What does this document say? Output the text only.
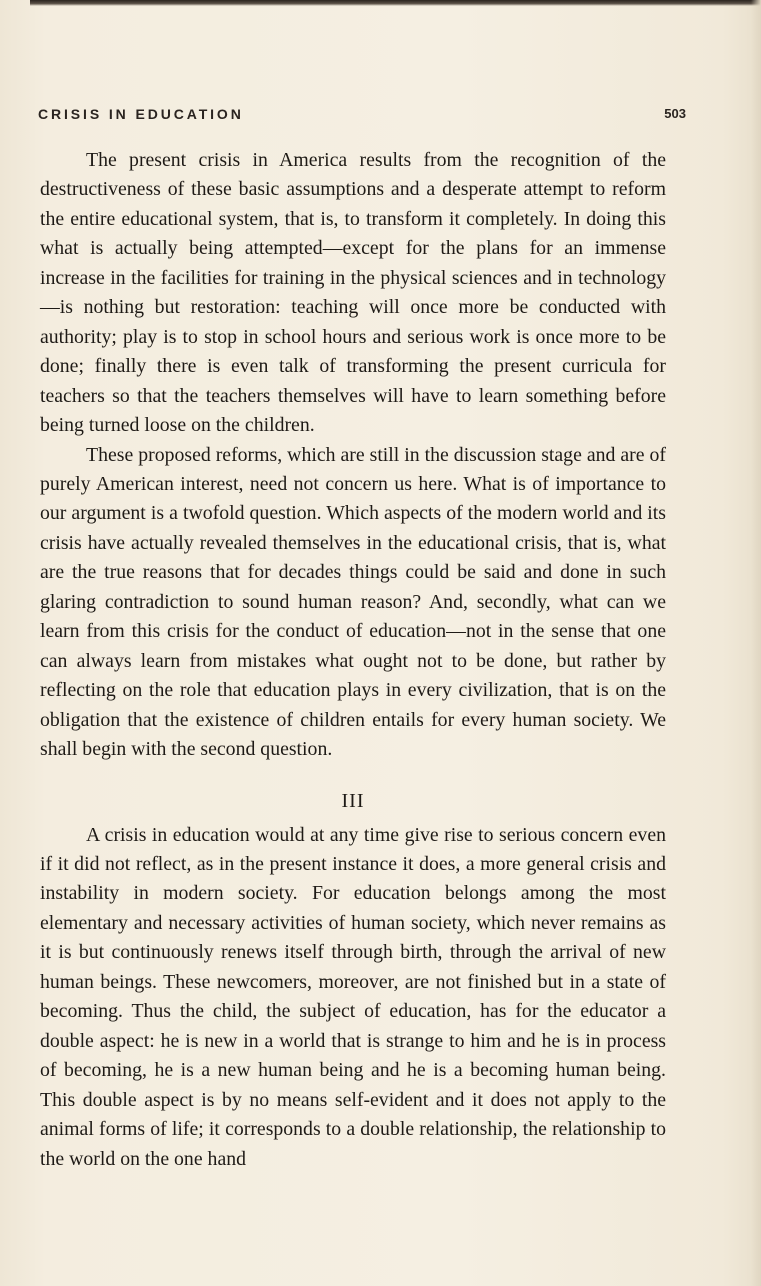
CRISIS IN EDUCATION	503

The present crisis in America results from the recognition of the destructiveness of these basic assumptions and a desperate attempt to reform the entire educational system, that is, to transform it completely. In doing this what is actually being attempted—except for the plans for an immense increase in the facilities for training in the physical sciences and in technology—is nothing but restoration: teaching will once more be conducted with authority; play is to stop in school hours and serious work is once more to be done; finally there is even talk of transforming the present curricula for teachers so that the teachers themselves will have to learn something before being turned loose on the children.

These proposed reforms, which are still in the discussion stage and are of purely American interest, need not concern us here. What is of importance to our argument is a twofold question. Which aspects of the modern world and its crisis have actually revealed themselves in the educational crisis, that is, what are the true reasons that for decades things could be said and done in such glaring contradiction to sound human reason? And, secondly, what can we learn from this crisis for the conduct of education—not in the sense that one can always learn from mistakes what ought not to be done, but rather by reflecting on the role that education plays in every civilization, that is on the obligation that the existence of children entails for every human society. We shall begin with the second question.

III

A crisis in education would at any time give rise to serious concern even if it did not reflect, as in the present instance it does, a more general crisis and instability in modern society. For education belongs among the most elementary and necessary activities of human society, which never remains as it is but continuously renews itself through birth, through the arrival of new human beings. These newcomers, moreover, are not finished but in a state of becoming. Thus the child, the subject of education, has for the educator a double aspect: he is new in a world that is strange to him and he is in process of becoming, he is a new human being and he is a becoming human being. This double aspect is by no means self-evident and it does not apply to the animal forms of life; it corresponds to a double relationship, the relationship to the world on the one hand
